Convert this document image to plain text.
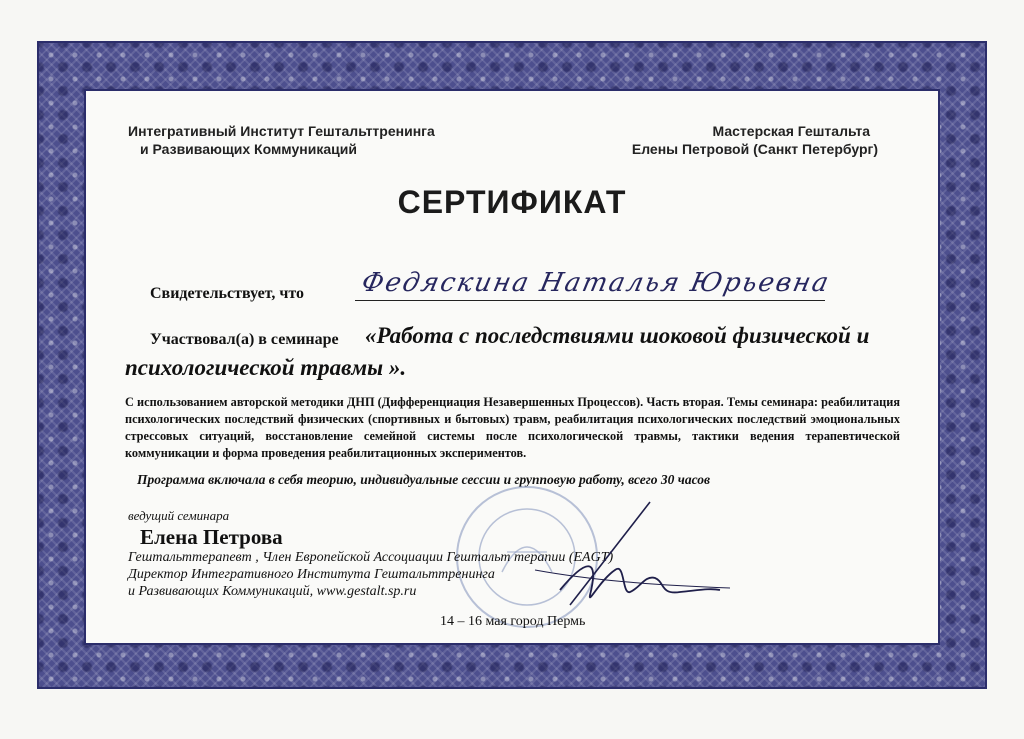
Интегративный Институт Гештальттренинга
и Развивающих Коммуникаций
Мастерская Гештальта
Елены Петровой (Санкт Петербург)
СЕРТИФИКАТ
Свидетельствует, что Федяскина Наталья Юрьевна
Участвовал(а) в семинаре «Работа с последствиями шоковой физической и
психологической травмы ».
С использованием авторской методики ДНП (Дифференциация Незавершенных Процессов). Часть вторая. Темы семинара: реабилитация психологических последствий физических (спортивных и бытовых) травм, реабилитация психологических последствий эмоциональных стрессовых ситуаций, восстановление семейной системы после психологической травмы, тактики ведения терапевтической коммуникации и форма проведения реабилитационных экспериментов.
Программа включала в себя теорию, индивидуальные сессии и групповую работу, всего 30 часов
ведущий семинара
Елена Петрова
Гештальттерапевт , Член Европейской Ассоциации Гештальт терапии (EAGT)
Директор Интегративного Института Гештальттренинга
и Развивающих Коммуникаций, www.gestalt.sp.ru
14 – 16 мая город Пермь
